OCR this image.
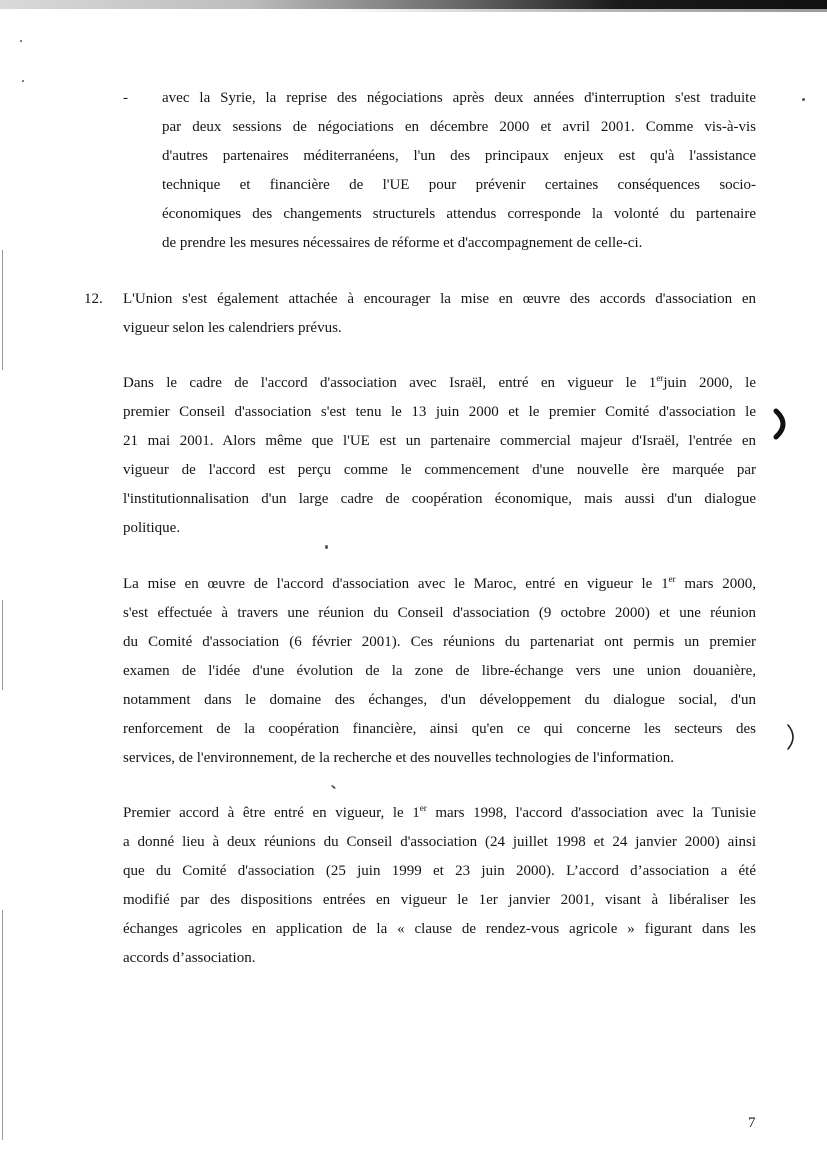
- avec la Syrie, la reprise des négociations après deux années d'interruption s'est traduite
par deux sessions de négociations en décembre 2000 et avril 2001. Comme vis-à-vis
d'autres partenaires méditerranéens, l'un des principaux enjeux est qu'à l'assistance
technique et financière de l'UE pour prévenir certaines conséquences socio-
économiques des changements structurels attendus corresponde la volonté du partenaire
de prendre les mesures nécessaires de réforme et d'accompagnement de celle-ci.
12. L'Union s'est également attachée à encourager la mise en œuvre des accords d'association en
vigueur selon les calendriers prévus.
Dans le cadre de l'accord d'association avec Israël, entré en vigueur le 1erjuin 2000, le
premier Conseil d'association s'est tenu le 13 juin 2000 et le premier Comité d'association le
21 mai 2001. Alors même que l'UE est un partenaire commercial majeur d'Israël, l'entrée en
vigueur de l'accord est perçu comme le commencement d'une nouvelle ère marquée par
l'institutionnalisation d'un large cadre de coopération économique, mais aussi d'un dialogue
politique.
La mise en œuvre de l'accord d'association avec le Maroc, entré en vigueur le 1er mars 2000,
s'est effectuée à travers une réunion du Conseil d'association (9 octobre 2000) et une réunion
du Comité d'association (6 février 2001). Ces réunions du partenariat ont permis un premier
examen de l'idée d'une évolution de la zone de libre-échange vers une union douanière,
notamment dans le domaine des échanges, d'un développement du dialogue social, d'un
renforcement de la coopération financière, ainsi qu'en ce qui concerne les secteurs des
services, de l'environnement, de la recherche et des nouvelles technologies de l'information.
Premier accord à être entré en vigueur, le 1er mars 1998, l'accord d'association avec la Tunisie
a donné lieu à deux réunions du Conseil d'association (24 juillet 1998 et 24 janvier 2000) ainsi
que du Comité d'association (25 juin 1999 et 23 juin 2000). L’accord d’association a été
modifié par des dispositions entrées en vigueur le 1er janvier 2001, visant à libéraliser les
échanges agricoles en application de la « clause de rendez-vous agricole » figurant dans les
accords d’association.
7
